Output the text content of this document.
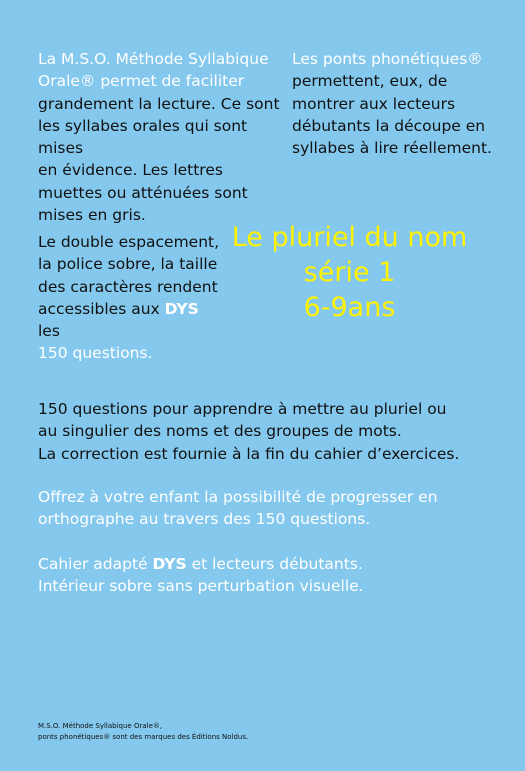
La M.S.O. Méthode Syllabique
Orale® permet de faciliter
grandement la lecture. Ce sont
les syllabes orales qui sont mises
en évidence. Les lettres
muettes ou atténuées sont
mises en gris.
Les ponts phonétiques®
permettent, eux, de
montrer aux lecteurs
débutants la découpe en
syllabes à lire réellement.
Le double espacement,
la police sobre, la taille
des caractères rendent
accessibles aux DYS les
150 questions.
Le pluriel du nom
série 1
6-9ans
150 questions pour apprendre à mettre au pluriel ou
au singulier des noms et des groupes de mots.
La correction est fournie à la fin du cahier d’exercices.
Offrez à votre enfant la possibilité de progresser en
orthographe au travers des 150 questions.
Cahier adapté DYS et lecteurs débutants.
Intérieur sobre sans perturbation visuelle.
M.S.O. Méthode Syllabique Orale®,
ponts phonétiques® sont des marques des Éditions Noldus.
